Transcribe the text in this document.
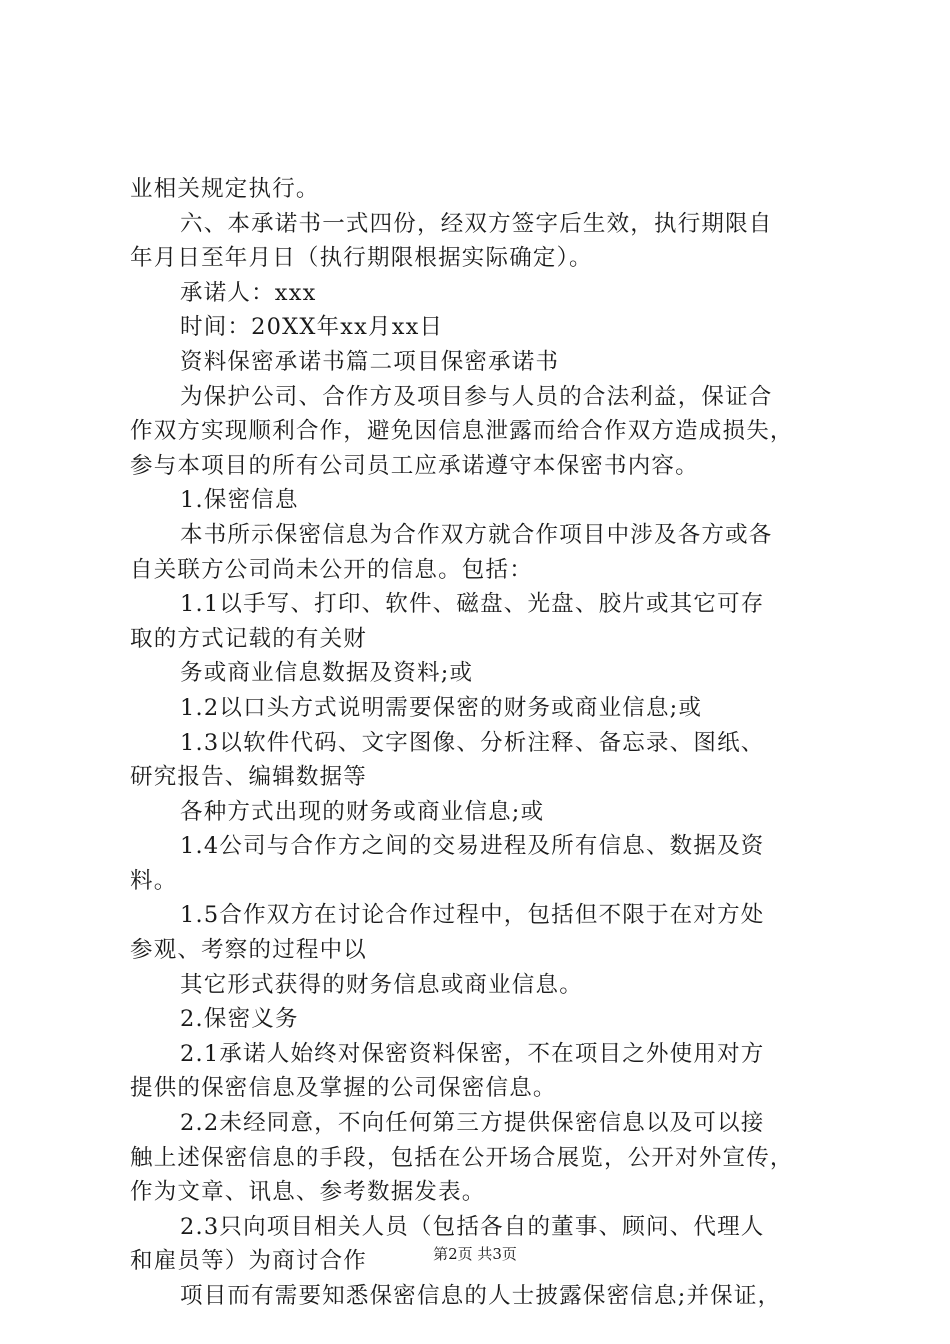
业相关规定执行。
六、本承诺书一式四份，经双方签字后生效，执行期限自
年月日至年月日（执行期限根据实际确定）。
承诺人：xxx
时间：20XX年xx月xx日
资料保密承诺书篇二项目保密承诺书
为保护公司、合作方及项目参与人员的合法利益，保证合
作双方实现顺利合作，避免因信息泄露而给合作双方造成损失，
参与本项目的所有公司员工应承诺遵守本保密书内容。
1.保密信息
本书所示保密信息为合作双方就合作项目中涉及各方或各
自关联方公司尚未公开的信息。包括：
1.1以手写、打印、软件、磁盘、光盘、胶片或其它可存
取的方式记载的有关财
务或商业信息数据及资料;或
1.2以口头方式说明需要保密的财务或商业信息;或
1.3以软件代码、文字图像、分析注释、备忘录、图纸、
研究报告、编辑数据等
各种方式出现的财务或商业信息;或
1.4公司与合作方之间的交易进程及所有信息、数据及资
料。
1.5合作双方在讨论合作过程中，包括但不限于在对方处
参观、考察的过程中以
其它形式获得的财务信息或商业信息。
2.保密义务
2.1承诺人始终对保密资料保密，不在项目之外使用对方
提供的保密信息及掌握的公司保密信息。
2.2未经同意，不向任何第三方提供保密信息以及可以接
触上述保密信息的手段，包括在公开场合展览，公开对外宣传，
作为文章、讯息、参考数据发表。
2.3只向项目相关人员（包括各自的董事、顾问、代理人
和雇员等）为商讨合作
项目而有需要知悉保密信息的人士披露保密信息;并保证，
第2页 共3页
